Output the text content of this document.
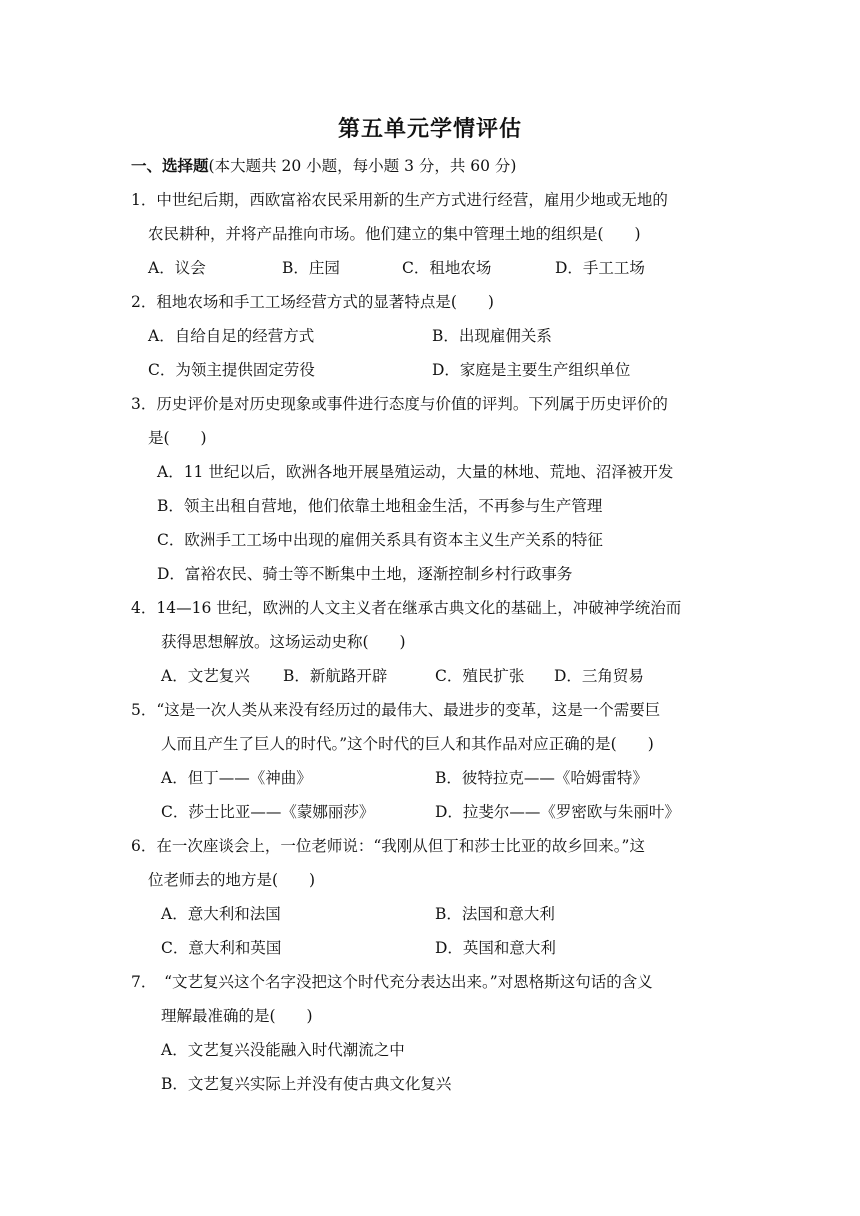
第五单元学情评估
一、选择题(本大题共 20 小题，每小题 3 分，共 60 分)
1．中世纪后期，西欧富裕农民采用新的生产方式进行经营，雇用少地或无地的
农民耕种，并将产品推向市场。他们建立的集中管理土地的组织是(　　)
A．议会	B．庄园	C．租地农场	D．手工工场
2．租地农场和手工工场经营方式的显著特点是(　　)
A．自给自足的经营方式	B．出现雇佣关系
C．为领主提供固定劳役	D．家庭是主要生产组织单位
3．历史评价是对历史现象或事件进行态度与价值的评判。下列属于历史评价的
是(　　)
A．11 世纪以后，欧洲各地开展垦殖运动，大量的林地、荒地、沼泽被开发
B．领主出租自营地，他们依靠土地租金生活，不再参与生产管理
C．欧洲手工工场中出现的雇佣关系具有资本主义生产关系的特征
D．富裕农民、骑士等不断集中土地，逐渐控制乡村行政事务
4．14—16 世纪，欧洲的人文主义者在继承古典文化的基础上，冲破神学统治而
获得思想解放。这场运动史称(　　)
A．文艺复兴 B．新航路开辟	C．殖民扩张 D．三角贸易
5．“这是一次人类从来没有经历过的最伟大、最进步的变革，这是一个需要巨
人而且产生了巨人的时代。”这个时代的巨人和其作品对应正确的是(　　)
A．但丁——《神曲》	B．彼特拉克——《哈姆雷特》
C．莎士比亚——《蒙娜丽莎》	D．拉斐尔——《罗密欧与朱丽叶》
6．在一次座谈会上，一位老师说：“我刚从但丁和莎士比亚的故乡回来。”这
位老师去的地方是(　　)
A．意大利和法国	B．法国和意大利
C．意大利和英国	D．英国和意大利
7．　“文艺复兴这个名字没把这个时代充分表达出来。”对恩格斯这句话的含义
理解最准确的是(　　)
A．文艺复兴没能融入时代潮流之中
B．文艺复兴实际上并没有使古典文化复兴
